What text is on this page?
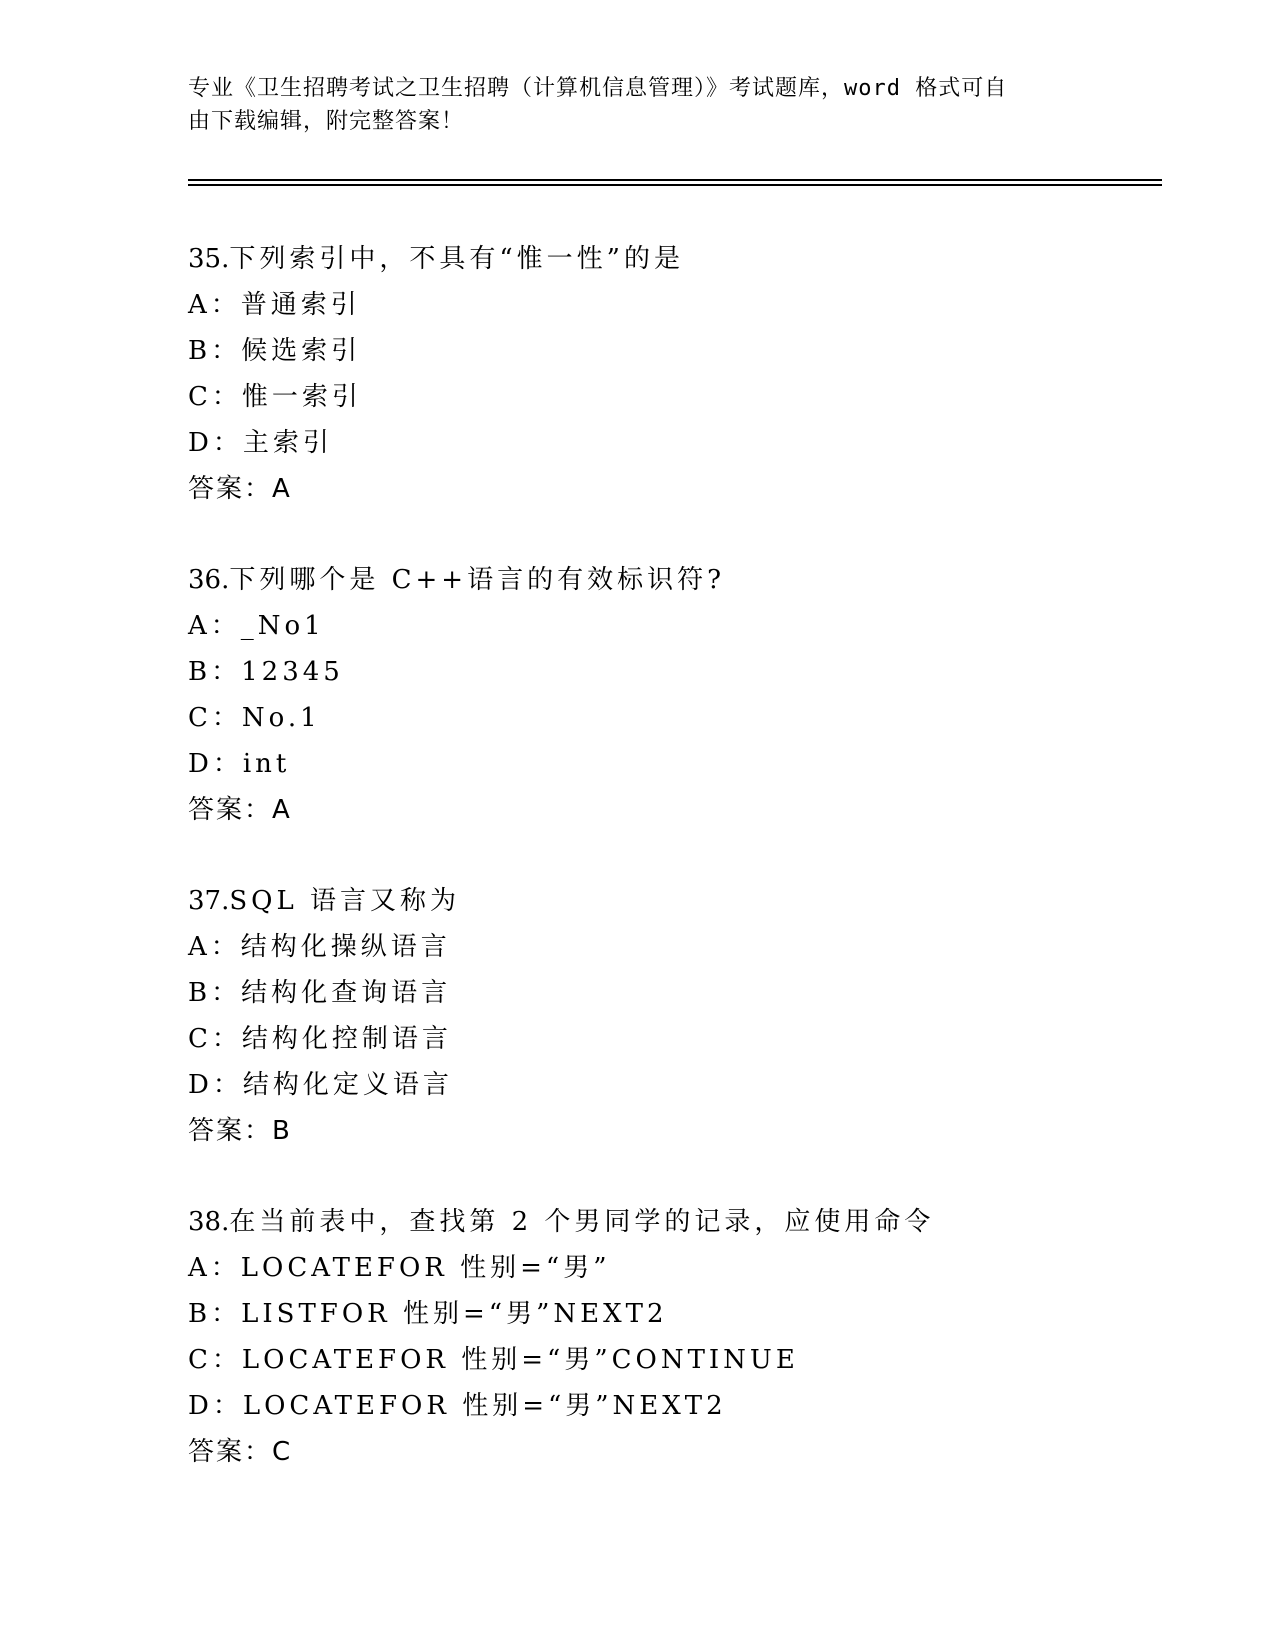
专业《卫生招聘考试之卫生招聘（计算机信息管理）》考试题库，word 格式可自
由下载编辑，附完整答案！
35.下列索引中，不具有“惟一性”的是
A：普通索引
B：候选索引
C：惟一索引
D：主索引
答案：A
36.下列哪个是 C++语言的有效标识符?
A：_No1
B：12345
C：No.1
D：int
答案：A
37.SQL 语言又称为
A：结构化操纵语言
B：结构化查询语言
C：结构化控制语言
D：结构化定义语言
答案：B
38.在当前表中，查找第 2 个男同学的记录，应使用命令
A：LOCATEFOR 性别=“男”
B：LISTFOR 性别=“男”NEXT2
C：LOCATEFOR 性别=“男”CONTINUE
D：LOCATEFOR 性别=“男”NEXT2
答案：C
